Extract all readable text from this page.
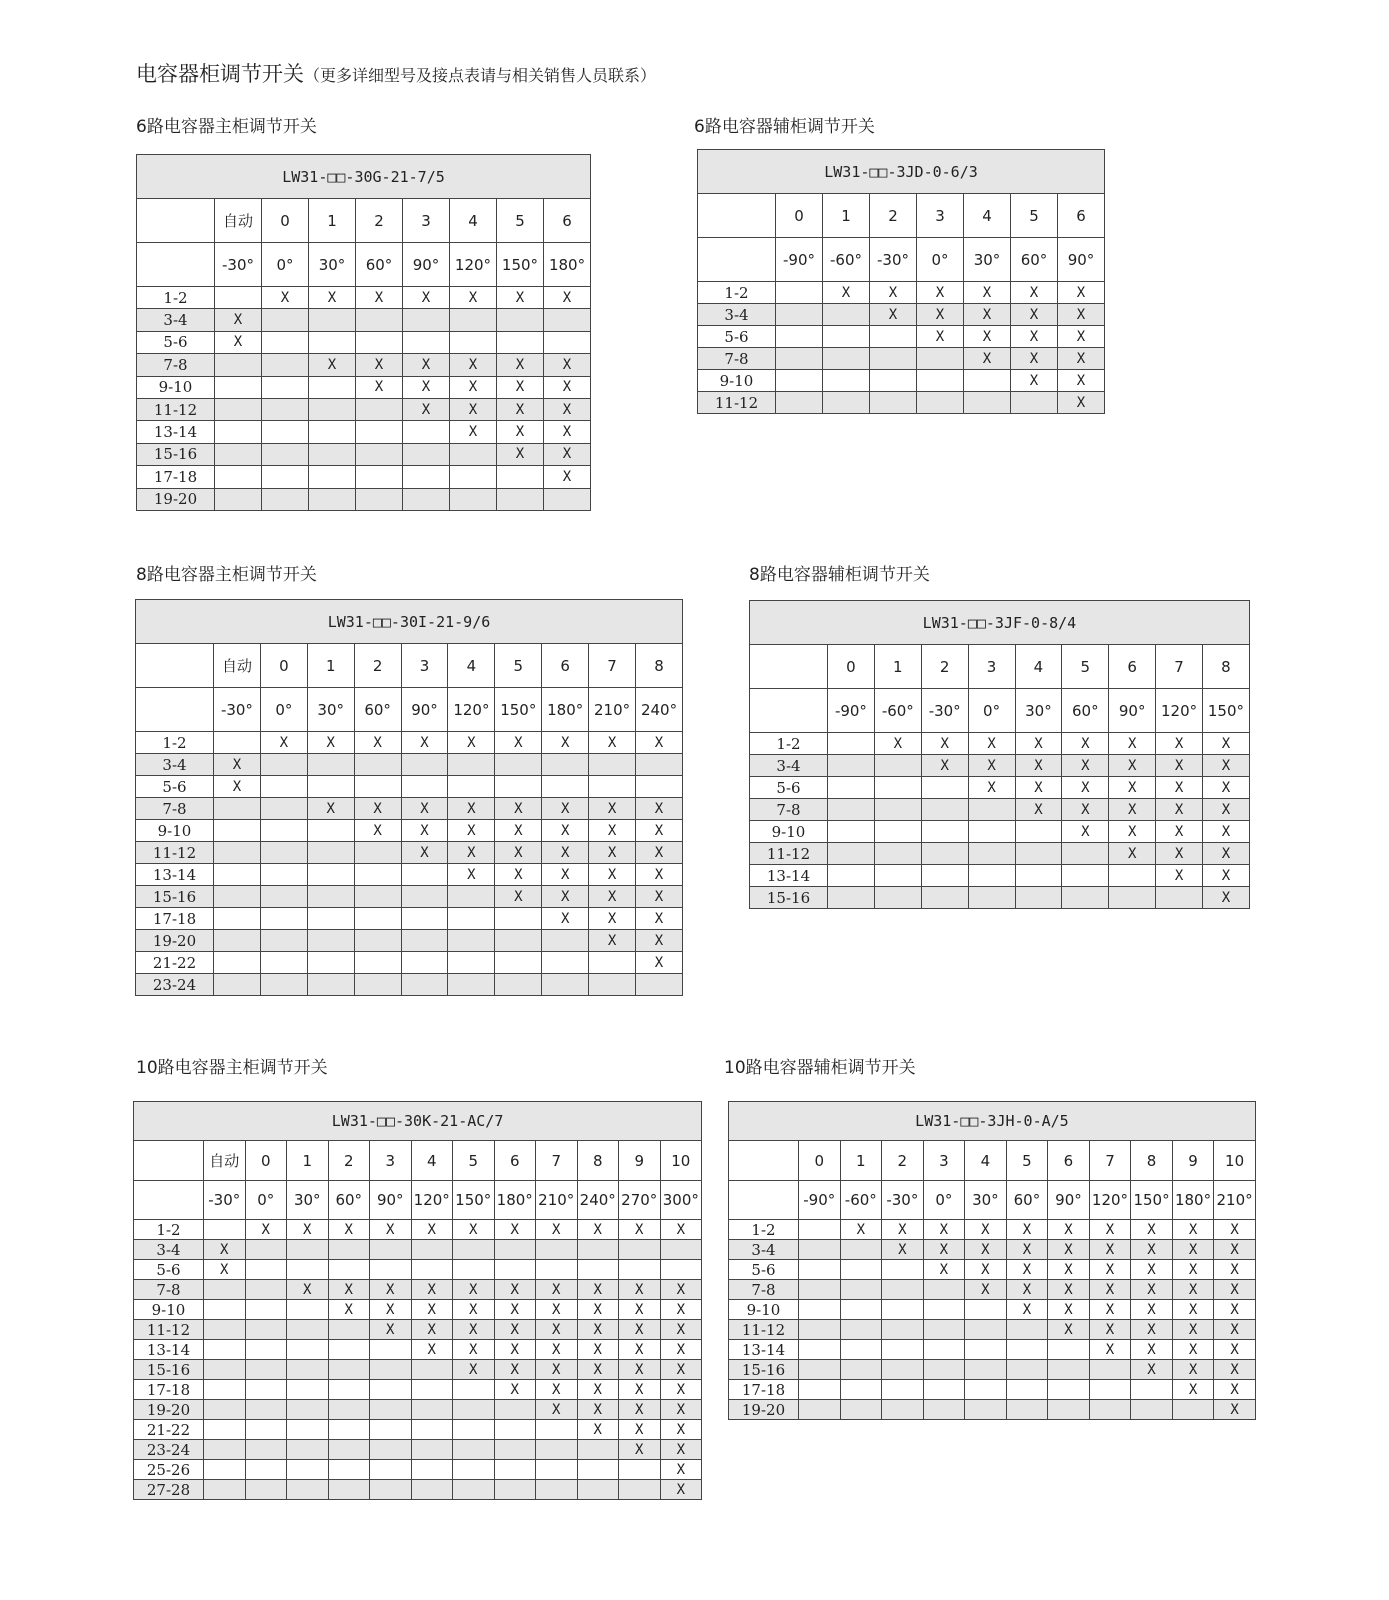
电容器柜调节开关（更多详细型号及接点表请与相关销售人员联系）
6路电容器主柜调节开关
LW31-□□-30G-21-7/5								
	自动	0	1	2	3	4	5	6
	-30°	0°	30°	60°	90°	120°	150°	180°
1-2		X	X	X	X	X	X	X
3-4	X							
5-6	X							
7-8			X	X	X	X	X	X
9-10				X	X	X	X	X
11-12					X	X	X	X
13-14						X	X	X
15-16							X	X
17-18								X
19-20								
6路电容器辅柜调节开关
LW31-□□-3JD-0-6/3							
	0	1	2	3	4	5	6
	-90°	-60°	-30°	0°	30°	60°	90°
1-2		X	X	X	X	X	X
3-4			X	X	X	X	X
5-6				X	X	X	X
7-8					X	X	X
9-10						X	X
11-12							X
8路电容器主柜调节开关
LW31-□□-30I-21-9/6										
	自动	0	1	2	3	4	5	6	7	8
	-30°	0°	30°	60°	90°	120°	150°	180°	210°	240°
1-2		X	X	X	X	X	X	X	X	X
3-4	X									
5-6	X									
7-8			X	X	X	X	X	X	X	X
9-10				X	X	X	X	X	X	X
11-12					X	X	X	X	X	X
13-14						X	X	X	X	X
15-16							X	X	X	X
17-18								X	X	X
19-20									X	X
21-22										X
23-24										
8路电容器辅柜调节开关
LW31-□□-3JF-0-8/4									
	0	1	2	3	4	5	6	7	8
	-90°	-60°	-30°	0°	30°	60°	90°	120°	150°
1-2		X	X	X	X	X	X	X	X
3-4			X	X	X	X	X	X	X
5-6				X	X	X	X	X	X
7-8					X	X	X	X	X
9-10						X	X	X	X
11-12							X	X	X
13-14								X	X
15-16									X
10路电容器主柜调节开关
LW31-□□-30K-21-AC/7												
	自动	0	1	2	3	4	5	6	7	8	9	10
	-30°	0°	30°	60°	90°	120°	150°	180°	210°	240°	270°	300°
1-2		X	X	X	X	X	X	X	X	X	X	X
3-4	X											
5-6	X											
7-8			X	X	X	X	X	X	X	X	X	X
9-10				X	X	X	X	X	X	X	X	X
11-12					X	X	X	X	X	X	X	X
13-14						X	X	X	X	X	X	X
15-16							X	X	X	X	X	X
17-18								X	X	X	X	X
19-20									X	X	X	X
21-22										X	X	X
23-24											X	X
25-26												X
27-28												X
10路电容器辅柜调节开关
LW31-□□-3JH-0-A/5											
	0	1	2	3	4	5	6	7	8	9	10
	-90°	-60°	-30°	0°	30°	60°	90°	120°	150°	180°	210°
1-2		X	X	X	X	X	X	X	X	X	X
3-4			X	X	X	X	X	X	X	X	X
5-6				X	X	X	X	X	X	X	X
7-8					X	X	X	X	X	X	X
9-10						X	X	X	X	X	X
11-12							X	X	X	X	X
13-14								X	X	X	X
15-16									X	X	X
17-18										X	X
19-20											X
